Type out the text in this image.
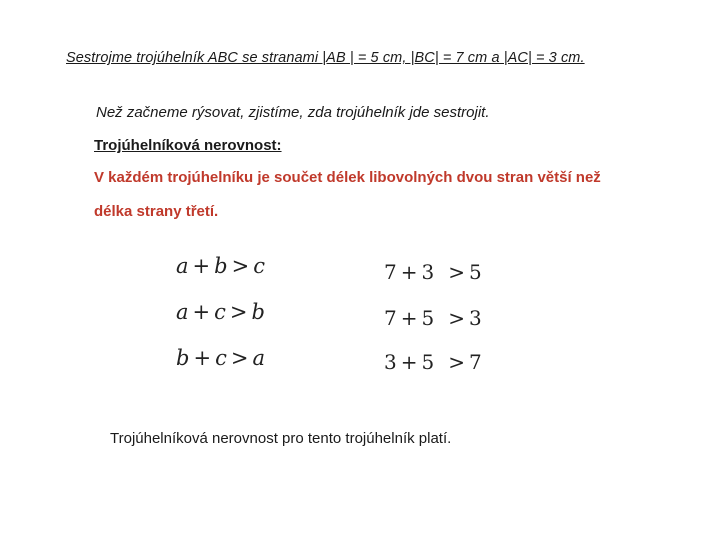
Sestrojme trojúhelník ABC se stranami |AB | = 5 cm, |BC| = 7 cm a |AC| = 3 cm.
Než začneme rýsovat, zjistíme, zda trojúhelník jde sestrojit.
Trojúhelníková nerovnost:
V každém trojúhelníku je součet délek libovolných dvou stran větší než
délka strany třetí.
a + b > c
a + c > b
b + c > a
7 + 3 > 5
7 + 5 > 3
3 + 5 > 7
Trojúhelníková nerovnost pro tento trojúhelník platí.
